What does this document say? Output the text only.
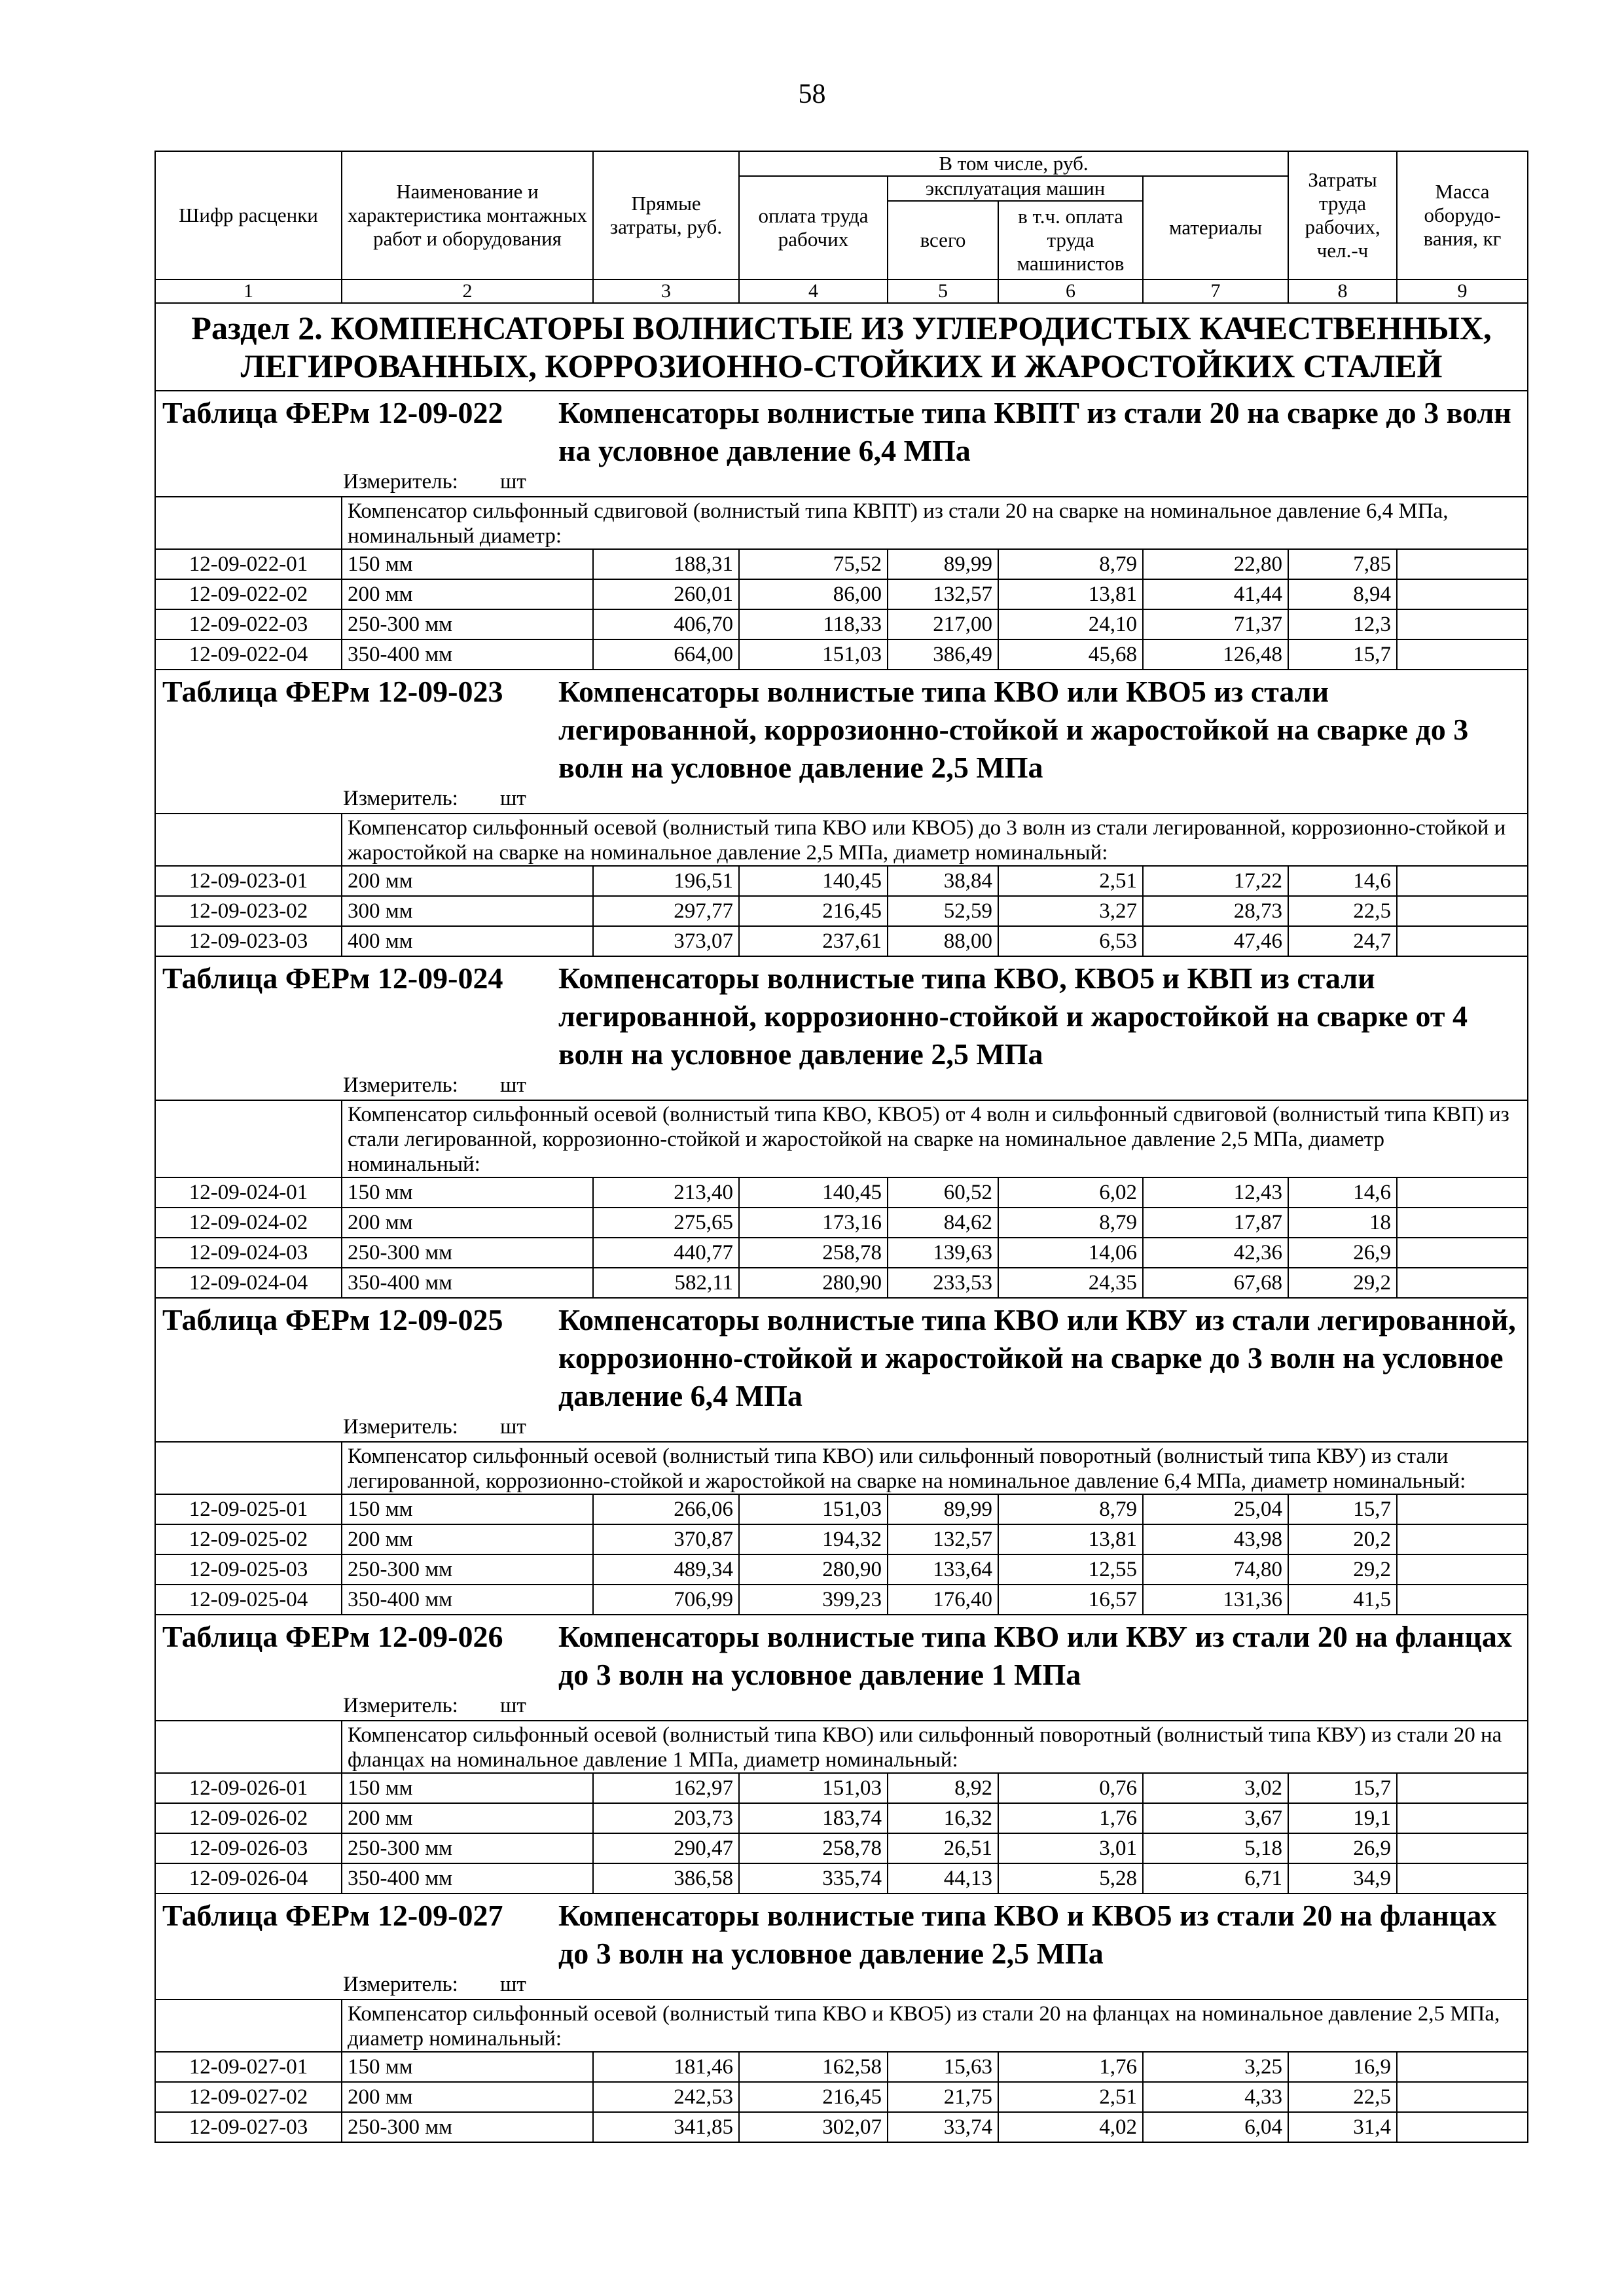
58
Шифр расценки	Наименование и характеристика монтажных работ и оборудования	Прямые затраты, руб.	В том числе, руб.				Затраты труда рабочих, чел.-ч	Масса оборудо-вания, кг
			оплата труда рабочих	эксплуатация машин		материалы		
				всего	в т.ч. оплата труда машинистов			
1	2	3	4	5	6	7	8	9
Раздел 2. КОМПЕНСАТОРЫ ВОЛНИСТЫЕ ИЗ УГЛЕРОДИСТЫХ КАЧЕСТВЕННЫХ, ЛЕГИРОВАННЫХ, КОРРОЗИОННО-СТОЙКИХ И ЖАРОСТОЙКИХ СТАЛЕЙ								

Таблица ФЕРм 12-09-022 Компенсаторы волнистые типа КВПТ из стали 20 на сварке до 3 волн на условное давление 6,4 МПа								

Измеритель: шт								
	Компенсатор сильфонный сдвиговой (волнистый типа КВПТ) из стали 20 на сварке на номинальное давление 6,4 МПа, номинальный диаметр:							
12-09-022-01	150 мм	188,31	75,52	89,99	8,79	22,80	7,85	
12-09-022-02	200 мм	260,01	86,00	132,57	13,81	41,44	8,94	
12-09-022-03	250-300 мм	406,70	118,33	217,00	24,10	71,37	12,3	
12-09-022-04	350-400 мм	664,00	151,03	386,49	45,68	126,48	15,7	

Таблица ФЕРм 12-09-023 Компенсаторы волнистые типа КВО или КВО5 из стали легированной, коррозионно-стойкой и жаростойкой на сварке до 3 волн на условное давление 2,5 МПа								

Измеритель: шт								
	Компенсатор сильфонный осевой (волнистый типа КВО или КВО5) до 3 волн из стали легированной, коррозионно-стойкой и жаростойкой на сварке на номинальное давление 2,5 МПа, диаметр номинальный:							
12-09-023-01	200 мм	196,51	140,45	38,84	2,51	17,22	14,6	
12-09-023-02	300 мм	297,77	216,45	52,59	3,27	28,73	22,5	
12-09-023-03	400 мм	373,07	237,61	88,00	6,53	47,46	24,7	

Таблица ФЕРм 12-09-024 Компенсаторы волнистые типа КВО, КВО5 и КВП из стали легированной, коррозионно-стойкой и жаростойкой на сварке от 4 волн на условное давление 2,5 МПа								

Измеритель: шт								
	Компенсатор сильфонный осевой (волнистый типа КВО, КВО5) от 4 волн и сильфонный сдвиговой (волнистый типа КВП) из стали легированной, коррозионно-стойкой и жаростойкой на сварке на номинальное давление 2,5 МПа, диаметр номинальный:							
12-09-024-01	150 мм	213,40	140,45	60,52	6,02	12,43	14,6	
12-09-024-02	200 мм	275,65	173,16	84,62	8,79	17,87	18	
12-09-024-03	250-300 мм	440,77	258,78	139,63	14,06	42,36	26,9	
12-09-024-04	350-400 мм	582,11	280,90	233,53	24,35	67,68	29,2	

Таблица ФЕРм 12-09-025 Компенсаторы волнистые типа КВО или КВУ из стали легированной, коррозионно-стойкой и жаростойкой на сварке до 3 волн на условное давление 6,4 МПа								

Измеритель: шт								
	Компенсатор сильфонный осевой (волнистый типа КВО) или сильфонный поворотный (волнистый типа КВУ) из стали легированной, коррозионно-стойкой и жаростойкой на сварке на номинальное давление 6,4 МПа, диаметр номинальный:							
12-09-025-01	150 мм	266,06	151,03	89,99	8,79	25,04	15,7	
12-09-025-02	200 мм	370,87	194,32	132,57	13,81	43,98	20,2	
12-09-025-03	250-300 мм	489,34	280,90	133,64	12,55	74,80	29,2	
12-09-025-04	350-400 мм	706,99	399,23	176,40	16,57	131,36	41,5	

Таблица ФЕРм 12-09-026 Компенсаторы волнистые типа КВО или КВУ из стали 20 на фланцах до 3 волн на условное давление 1 МПа								

Измеритель: шт								
	Компенсатор сильфонный осевой (волнистый типа КВО) или сильфонный поворотный (волнистый типа КВУ) из стали 20 на фланцах на номинальное давление 1 МПа, диаметр номинальный:							
12-09-026-01	150 мм	162,97	151,03	8,92	0,76	3,02	15,7	
12-09-026-02	200 мм	203,73	183,74	16,32	1,76	3,67	19,1	
12-09-026-03	250-300 мм	290,47	258,78	26,51	3,01	5,18	26,9	
12-09-026-04	350-400 мм	386,58	335,74	44,13	5,28	6,71	34,9	

Таблица ФЕРм 12-09-027 Компенсаторы волнистые типа КВО и КВО5 из стали 20 на фланцах до 3 волн на условное давление 2,5 МПа								

Измеритель: шт								
	Компенсатор сильфонный осевой (волнистый типа КВО и КВО5) из стали 20 на фланцах на номинальное давление 2,5 МПа, диаметр номинальный:							
12-09-027-01	150 мм	181,46	162,58	15,63	1,76	3,25	16,9	
12-09-027-02	200 мм	242,53	216,45	21,75	2,51	4,33	22,5	
12-09-027-03	250-300 мм	341,85	302,07	33,74	4,02	6,04	31,4	
